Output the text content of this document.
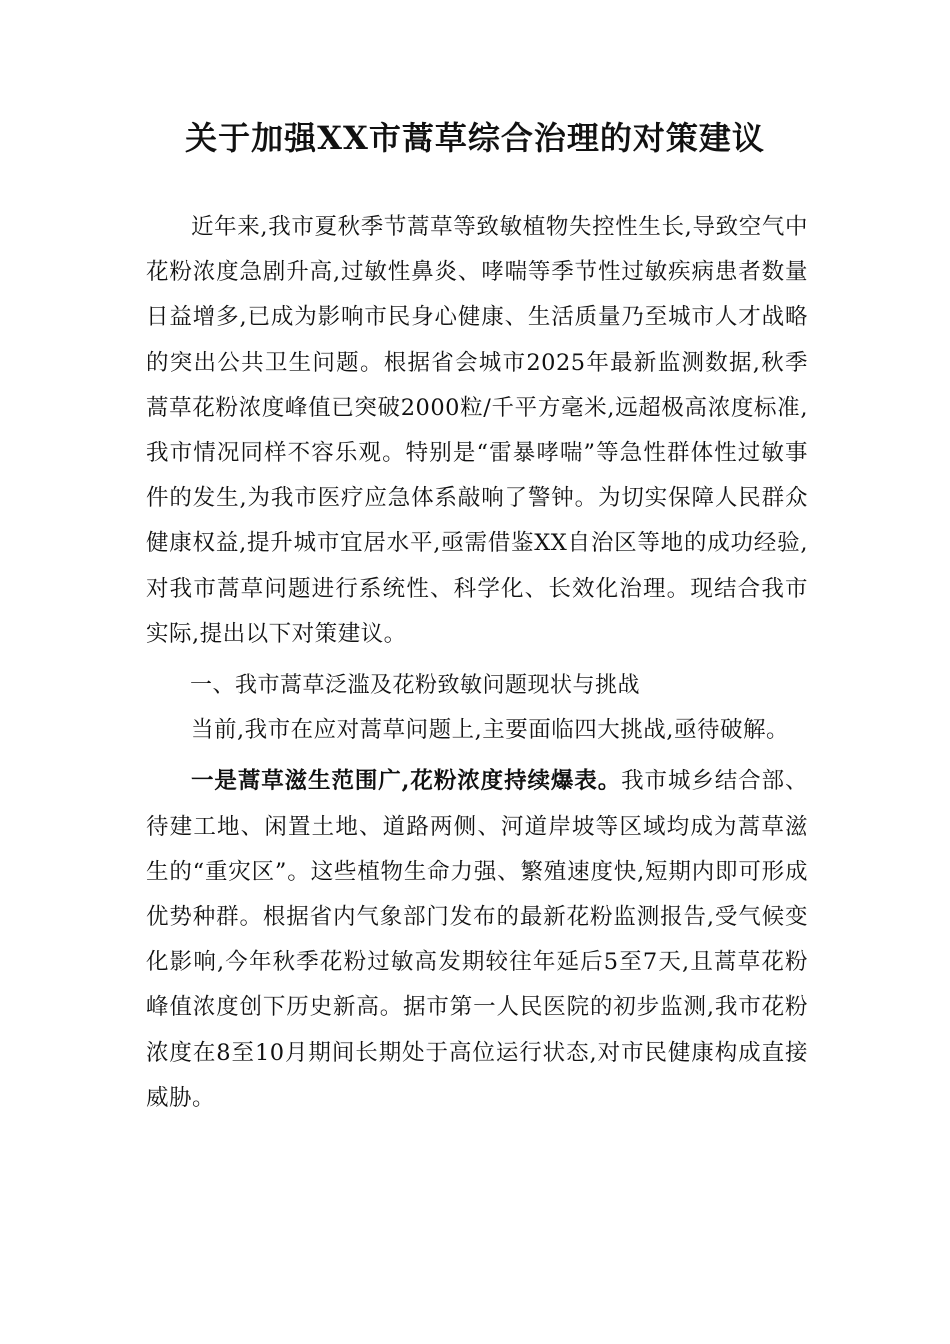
关于加强XX市蒿草综合治理的对策建议

近年来,我市夏秋季节蒿草等致敏植物失控性生长,导致空气中花粉浓度急剧升高,过敏性鼻炎、哮喘等季节性过敏疾病患者数量日益增多,已成为影响市民身心健康、生活质量乃至城市人才战略的突出公共卫生问题。根据省会城市2025年最新监测数据,秋季蒿草花粉浓度峰值已突破2000粒/千平方毫米,远超极高浓度标准,我市情况同样不容乐观。特别是“雷暴哮喘”等急性群体性过敏事件的发生,为我市医疗应急体系敲响了警钟。为切实保障人民群众健康权益,提升城市宜居水平,亟需借鉴XX自治区等地的成功经验,对我市蒿草问题进行系统性、科学化、长效化治理。现结合我市实际,提出以下对策建议。

一、我市蒿草泛滥及花粉致敏问题现状与挑战

当前,我市在应对蒿草问题上,主要面临四大挑战,亟待破解。

一是蒿草滋生范围广,花粉浓度持续爆表。我市城乡结合部、待建工地、闲置土地、道路两侧、河道岸坡等区域均成为蒿草滋生的“重灾区”。这些植物生命力强、繁殖速度快,短期内即可形成优势种群。根据省内气象部门发布的最新花粉监测报告,受气候变化影响,今年秋季花粉过敏高发期较往年延后5至7天,且蒿草花粉峰值浓度创下历史新高。据市第一人民医院的初步监测,我市花粉浓度在8至10月期间长期处于高位运行状态,对市民健康构成直接威胁。
